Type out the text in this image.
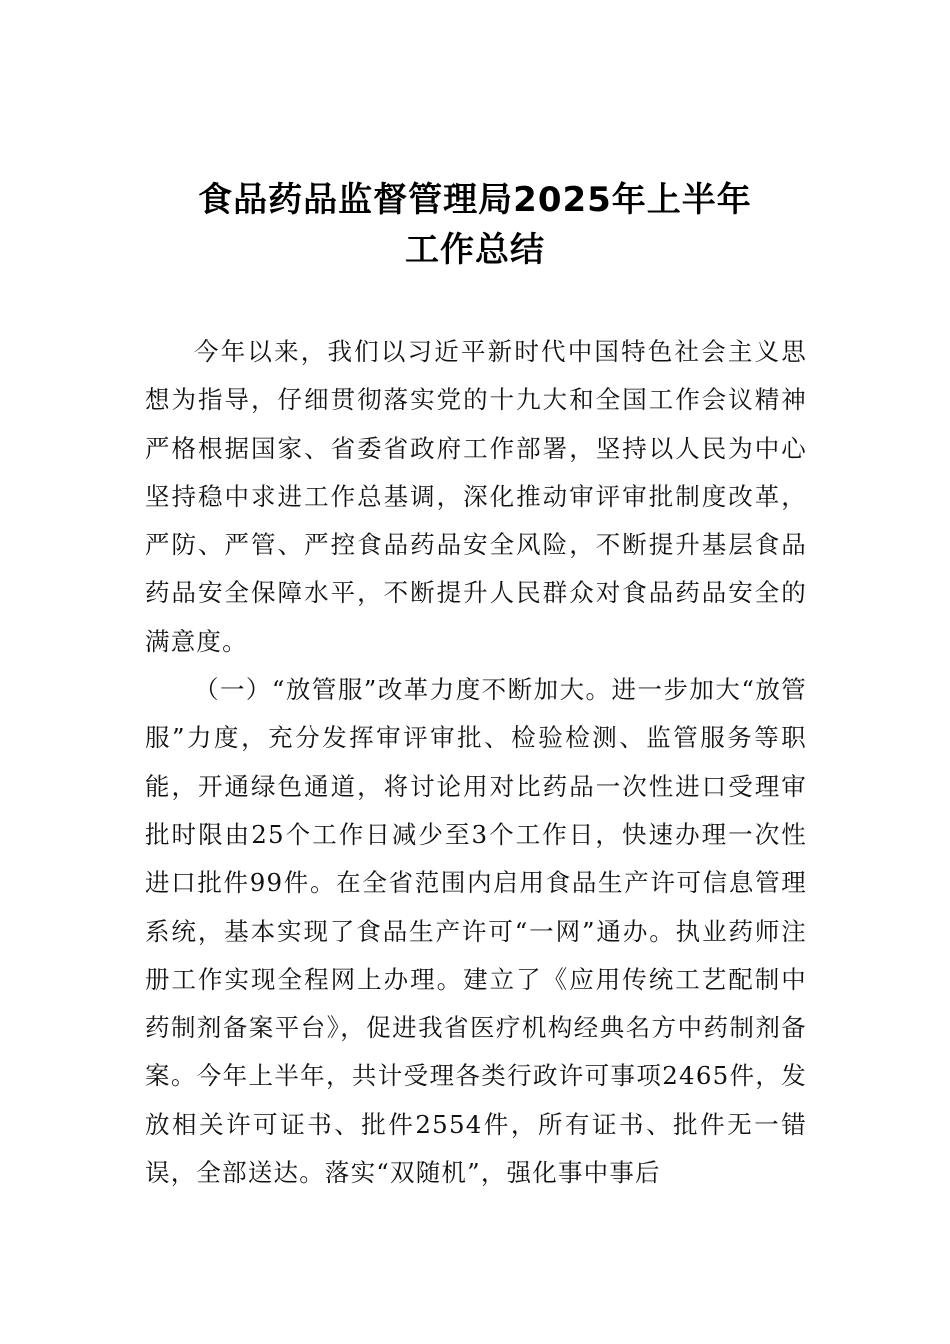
食品药品监督管理局2025年上半年
工作总结

今年以来，我们以习近平新时代中国特色社会主义思想为指导，仔细贯彻落实党的十九大和全国工作会议精神严格根据国家、省委省政府工作部署，坚持以人民为中心坚持稳中求进工作总基调，深化推动审评审批制度改革，严防、严管、严控食品药品安全风险，不断提升基层食品药品安全保障水平，不断提升人民群众对食品药品安全的满意度。

（一）“放管服”改革力度不断加大。进一步加大“放管服”力度，充分发挥审评审批、检验检测、监管服务等职能，开通绿色通道，将讨论用对比药品一次性进口受理审批时限由25个工作日减少至3个工作日，快速办理一次性进口批件99件。在全省范围内启用食品生产许可信息管理系统，基本实现了食品生产许可“一网”通办。执业药师注册工作实现全程网上办理。建立了《应用传统工艺配制中药制剂备案平台》，促进我省医疗机构经典名方中药制剂备案。今年上半年，共计受理各类行政许可事项2465件，发放相关许可证书、批件2554件，所有证书、批件无一错误，全部送达。落实“双随机”，强化事中事后
